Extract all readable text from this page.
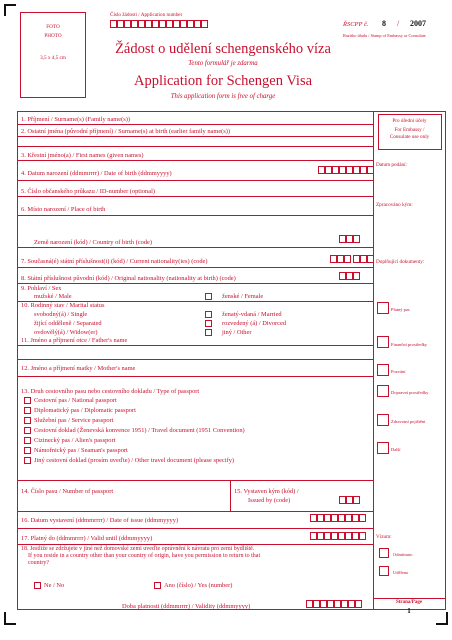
FOTO
PHOTO
3,5 x 4,5 cm
Číslo žádosti / Application number
ŘSCPP č. 8 / 2007
Razítko úřadu / Stamp of Embassy or Consulate
Žádost o udělení schengenského víza
Tento formulář je zdarma
Application for Schengen Visa
This application form is free of charge
Pro úřední účely
For Embassy /
Consulate use only
Datum podání:
Zpracováno kým:
Doplňující dokumenty:
Platný pas
Finanční prostředky
Pozvání
Dopravní prostředky
Zdravotní pojištění
Další
Vízum:
Odmítnuto
Uděleno
Strana/Page
1
1. Příjmení / Surname(s) (Family name(s))
2. Ostatní jména (původní příjmení) / Surname(s) at birth (earlier family name(s))
3. Křestní jméno(a) / First names (given names)
4. Datum narození (ddmmrrrr) / Date of birth (ddmmyyyy)
5. Číslo občanského průkazu / ID-number (optional)
6. Místo narození / Place of birth
Země narození (kód) / Country of birth (code)
7. Současná(é) státní příslušnost(i) (kód) / Current nationality(ies) (code)
8. Státní příslušnost původní (kód) / Original nationality (nationality at birth) (code)
9. Pohlaví / Sex
mužské / Male	ženské / Female
10. Rodinný stav / Marital status
svobodný(á) / Single	ženatý-vdaná / Married
žijící odděleně / Separated	rozvedený (á) / Divorced
ovdovělý(á) / Widow(er)	jiný / Other
11. Jméno a příjmení otce / Father's name
12. Jméno a příjmení matky / Mother's name
13. Druh cestovního pasu nebo cestovního dokladu / Type of passport
Cestovní pas / National passport
Diplomatický pas / Diplomatic passport
Služební pas / Service passport
Cestovní doklad (Ženevská konvence 1951) / Travel document (1951 Convention)
Cizinecký pas / Alien's passport
Námořnický pas / Seaman's passport
Jiný cestovní doklad (prosím uveďte) / Other travel document (please specify)
14. Číslo pasu / Number of passport	15. Vystaven kým (kód) /
Issued by (code)
16. Datum vystavení (ddmmrrrr) / Date of issue (ddmmyyyy)
17. Platný do (ddmmrrrr) / Valid until (ddmmyyyy)
18. Jestliže se zdržujete v jiné než domovské zemi uveďte oprávnění k návratu pro zemi bydliště.
If you reside in a country other than your country of origin, have you permission to return to that
country?
Ne / No	Ano (číslo) / Yes (number)
Doba platnosti (ddmmrrrr) / Validity (ddmmyyyy)
